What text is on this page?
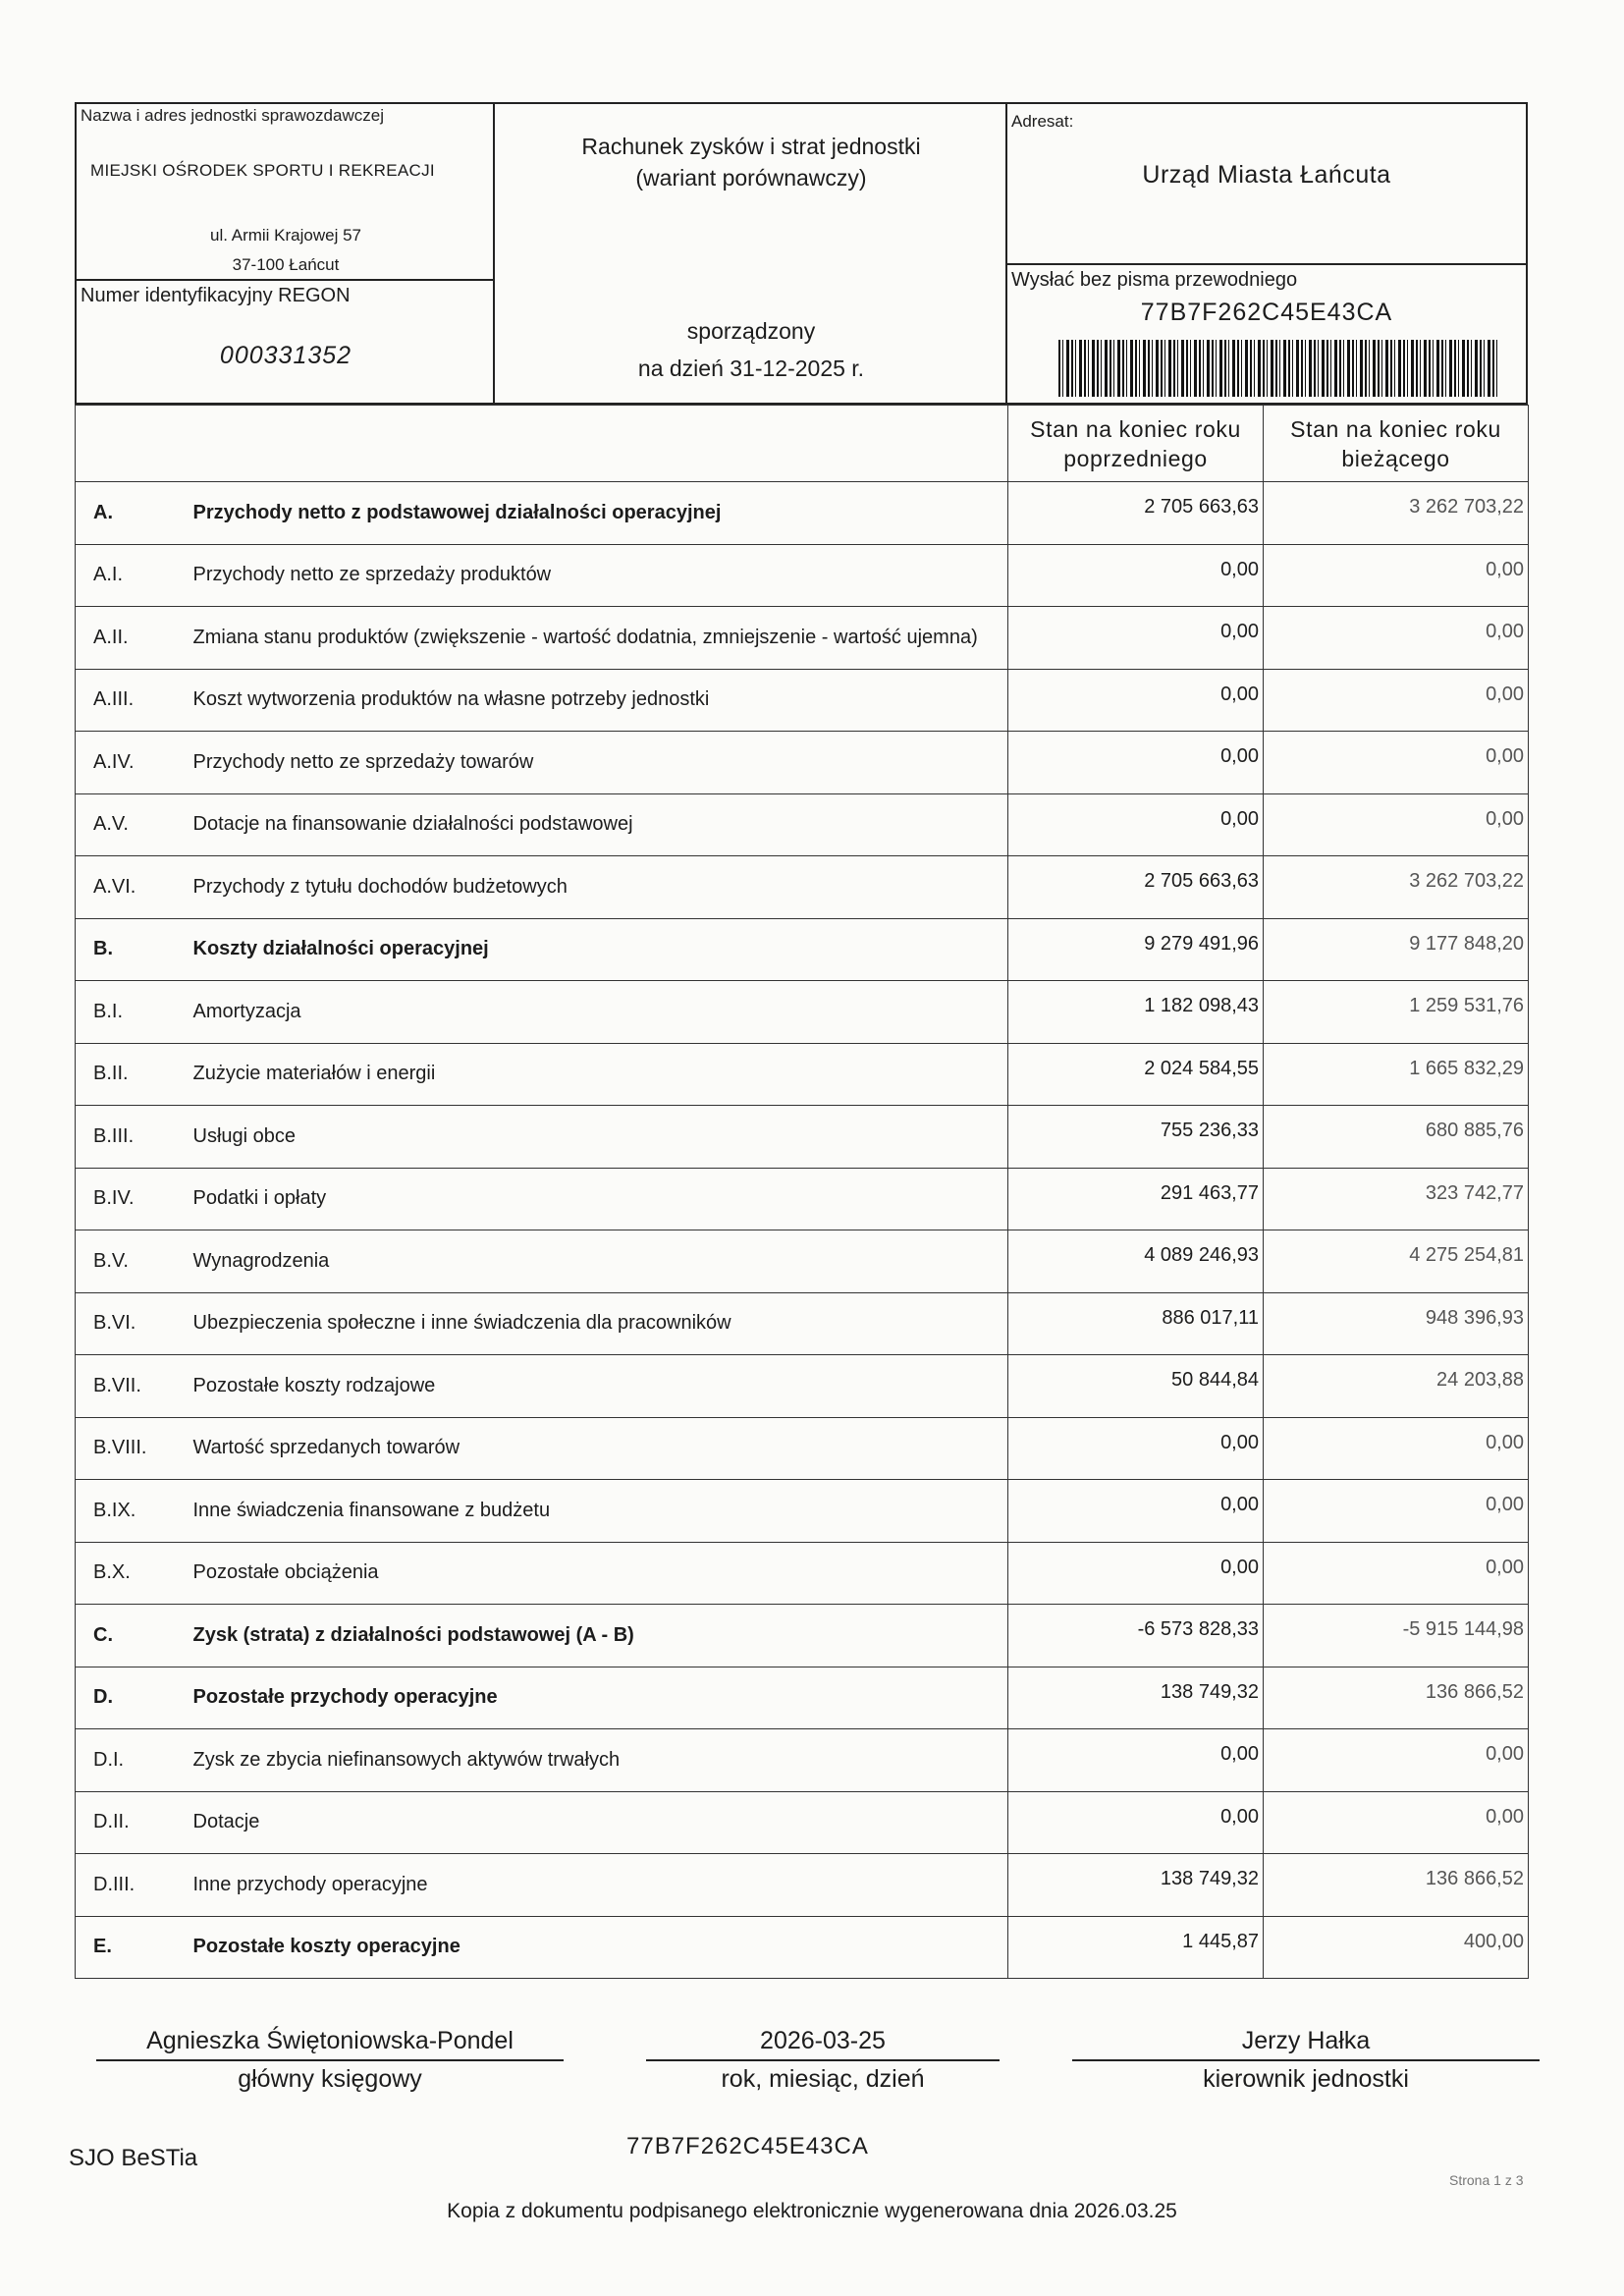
Nazwa i adres jednostki sprawozdawczej
MIEJSKI OŚRODEK SPORTU I REKREACJI
ul. Armii Krajowej 57
37-100 Łańcut
Numer identyfikacyjny REGON
000331352
Rachunek zysków i strat jednostki
(wariant porównawczy)
sporządzony
na dzień 31-12-2025 r.
Adresat:
Urząd Miasta Łańcuta
Wysłać bez pisma przewodniego
77B7F262C45E43CA
		Stan na koniec roku poprzedniego	Stan na koniec roku bieżącego
A.	Przychody netto z podstawowej działalności operacyjnej	2 705 663,63	3 262 703,22
A.I.	Przychody netto ze sprzedaży produktów	0,00	0,00
A.II.	Zmiana stanu produktów (zwiększenie - wartość dodatnia, zmniejszenie - wartość ujemna)	0,00	0,00
A.III.	Koszt wytworzenia produktów na własne potrzeby jednostki	0,00	0,00
A.IV.	Przychody netto ze sprzedaży towarów	0,00	0,00
A.V.	Dotacje na finansowanie działalności podstawowej	0,00	0,00
A.VI.	Przychody z tytułu dochodów budżetowych	2 705 663,63	3 262 703,22
B.	Koszty działalności operacyjnej	9 279 491,96	9 177 848,20
B.I.	Amortyzacja	1 182 098,43	1 259 531,76
B.II.	Zużycie materiałów i energii	2 024 584,55	1 665 832,29
B.III.	Usługi obce	755 236,33	680 885,76
B.IV.	Podatki i opłaty	291 463,77	323 742,77
B.V.	Wynagrodzenia	4 089 246,93	4 275 254,81
B.VI.	Ubezpieczenia społeczne i inne świadczenia dla pracowników	886 017,11	948 396,93
B.VII.	Pozostałe koszty rodzajowe	50 844,84	24 203,88
B.VIII.	Wartość sprzedanych towarów	0,00	0,00
B.IX.	Inne świadczenia finansowane z budżetu	0,00	0,00
B.X.	Pozostałe obciążenia	0,00	0,00
C.	Zysk (strata) z działalności podstawowej (A - B)	-6 573 828,33	-5 915 144,98
D.	Pozostałe przychody operacyjne	138 749,32	136 866,52
D.I.	Zysk ze zbycia niefinansowych aktywów trwałych	0,00	0,00
D.II.	Dotacje	0,00	0,00
D.III.	Inne przychody operacyjne	138 749,32	136 866,52
E.	Pozostałe koszty operacyjne	1 445,87	400,00
Agnieszka Świętoniowska-Pondel
główny księgowy
2026-03-25
rok, miesiąc, dzień
Jerzy Hałka
kierownik jednostki
SJO BeSTia	77B7F262C45E43CA
Strona 1 z 3
Kopia z dokumentu podpisanego elektronicznie wygenerowana dnia 2026.03.25
